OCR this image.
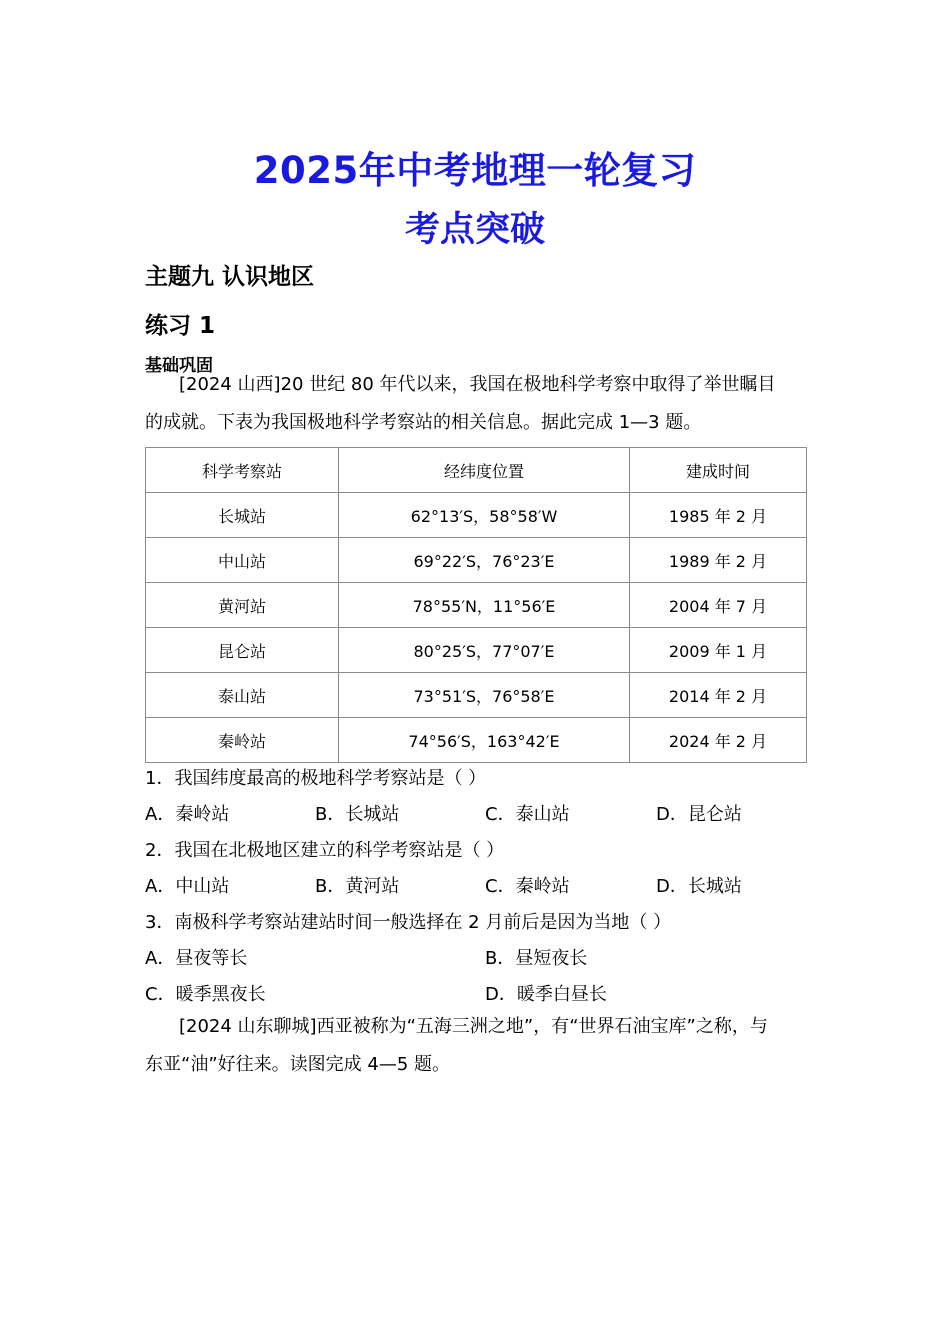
2025年中考地理一轮复习
考点突破
主题九 认识地区
练习 1
基础巩固
[2024 山西]20 世纪 80 年代以来，我国在极地科学考察中取得了举世瞩目
的成就。下表为我国极地科学考察站的相关信息。据此完成 1—3 题。
科学考察站	经纬度位置	建成时间
长城站	62°13′S，58°58′W	1985 年 2 月
中山站	69°22′S，76°23′E	1989 年 2 月
黄河站	78°55′N，11°56′E	2004 年 7 月
昆仑站	80°25′S，77°07′E	2009 年 1 月
泰山站	73°51′S，76°58′E	2014 年 2 月
秦岭站	74°56′S，163°42′E	2024 年 2 月
1．我国纬度最高的极地科学考察站是（ ）
A．秦岭站	B．长城站	C．泰山站	D．昆仑站
2．我国在北极地区建立的科学考察站是（ ）
A．中山站	B．黄河站	C．秦岭站	D．长城站
3．南极科学考察站建站时间一般选择在 2 月前后是因为当地（ ）
A．昼夜等长	B．昼短夜长
C．暖季黑夜长	D．暖季白昼长
[2024 山东聊城]西亚被称为“五海三洲之地”，有“世界石油宝库”之称，与
东亚“油”好往来。读图完成 4—5 题。
